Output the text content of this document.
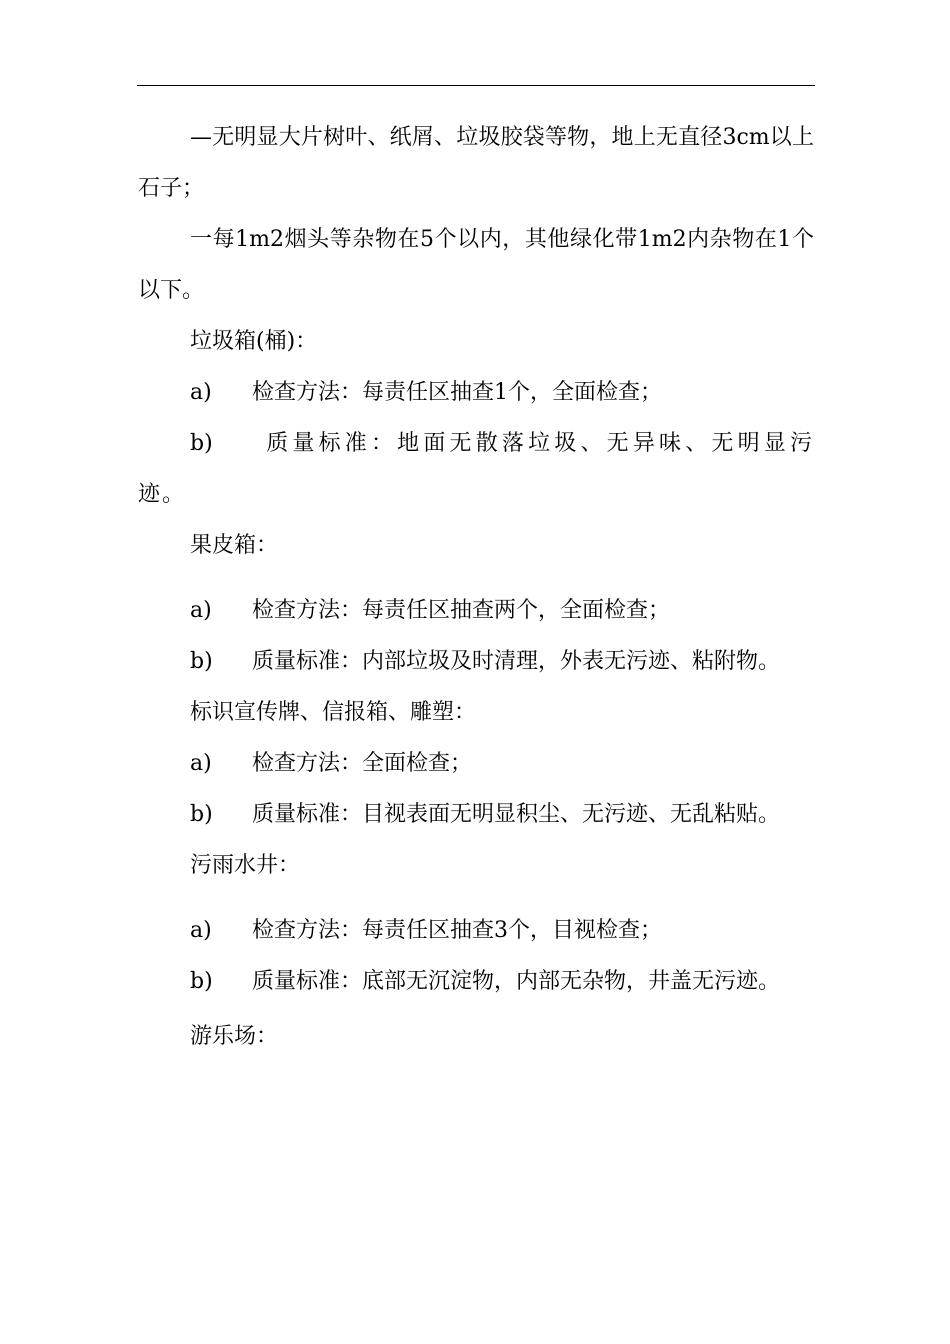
—无明显大片树叶、纸屑、垃圾胶袋等物，地上无直径3cm以上石子；

一每1m2烟头等杂物在5个以内，其他绿化带1m2内杂物在1个以下。

垃圾箱(桶)：

a) 检查方法：每责任区抽查1个，全面检查；

b) 质量标准：地面无散落垃圾、无异味、无明显污迹。

果皮箱：

a) 检查方法：每责任区抽查两个，全面检查；

b) 质量标准：内部垃圾及时清理，外表无污迹、粘附物。

标识宣传牌、信报箱、雕塑：

a) 检查方法：全面检查；

b) 质量标准：目视表面无明显积尘、无污迹、无乱粘贴。

污雨水井：

a) 检查方法：每责任区抽查3个，目视检查；

b) 质量标准：底部无沉淀物，内部无杂物，井盖无污迹。

游乐场：
